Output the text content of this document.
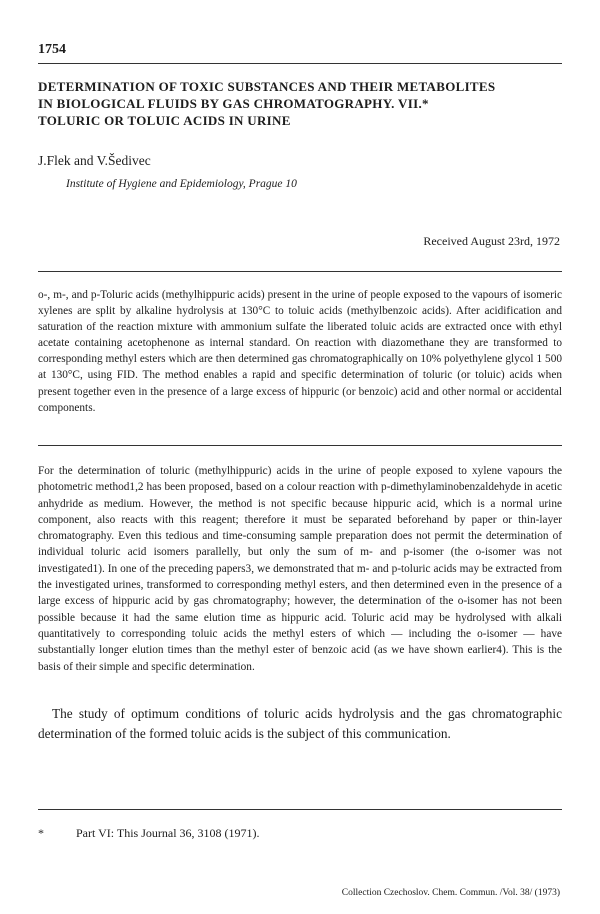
1754
DETERMINATION OF TOXIC SUBSTANCES AND THEIR METABOLITES
IN BIOLOGICAL FLUIDS BY GAS CHROMATOGRAPHY. VII.*
TOLURIC OR TOLUIC ACIDS IN URINE
J.Flek and V.Šedivec
Institute of Hygiene and Epidemiology, Prague 10
Received August 23rd, 1972

o-, m-, and p-Toluric acids (methylhippuric acids) present in the urine of people exposed to the vapours of isomeric xylenes are split by alkaline hydrolysis at 130°C to toluic acids (methylbenzoic acids). After acidification and saturation of the reaction mixture with ammonium sulfate the liberated toluic acids are extracted once with ethyl acetate containing acetophenone as internal standard. On reaction with diazomethane they are transformed to corresponding methyl esters which are then determined gas chromatographically on 10% polyethylene glycol 1 500 at 130°C, using FID. The method enables a rapid and specific determination of toluric (or toluic) acids when present together even in the presence of a large excess of hippuric (or benzoic) acid and other normal or accidental components.

For the determination of toluric (methylhippuric) acids in the urine of people exposed to xylene vapours the photometric method1,2 has been proposed, based on a colour reaction with p-dimethylaminobenzaldehyde in acetic anhydride as medium. However, the method is not specific because hippuric acid, which is a normal urine component, also reacts with this reagent; therefore it must be separated beforehand by paper or thin-layer chromatography. Even this tedious and time-consuming sample preparation does not permit the determination of individual toluric acid isomers parallelly, but only the sum of m- and p-isomer (the o-isomer was not investigated1). In one of the preceding papers3, we demonstrated that m- and p-toluric acids may be extracted from the investigated urines, transformed to corresponding methyl esters, and then determined even in the presence of a large excess of hippuric acid by gas chromatography; however, the determination of the o-isomer has not been possible because it had the same elution time as hippuric acid. Toluric acid may be hydrolysed with alkali quantitatively to corresponding toluic acids the methyl esters of which — including the o-isomer — have substantially longer elution times than the methyl ester of benzoic acid (as we have shown earlier4). This is the basis of their simple and specific determination.

The study of optimum conditions of toluric acids hydrolysis and the gas chromatographic determination of the formed toluic acids is the subject of this communication.

*	Part VI: This Journal 36, 3108 (1971).
Collection Czechoslov. Chem. Commun. /Vol. 38/ (1973)
